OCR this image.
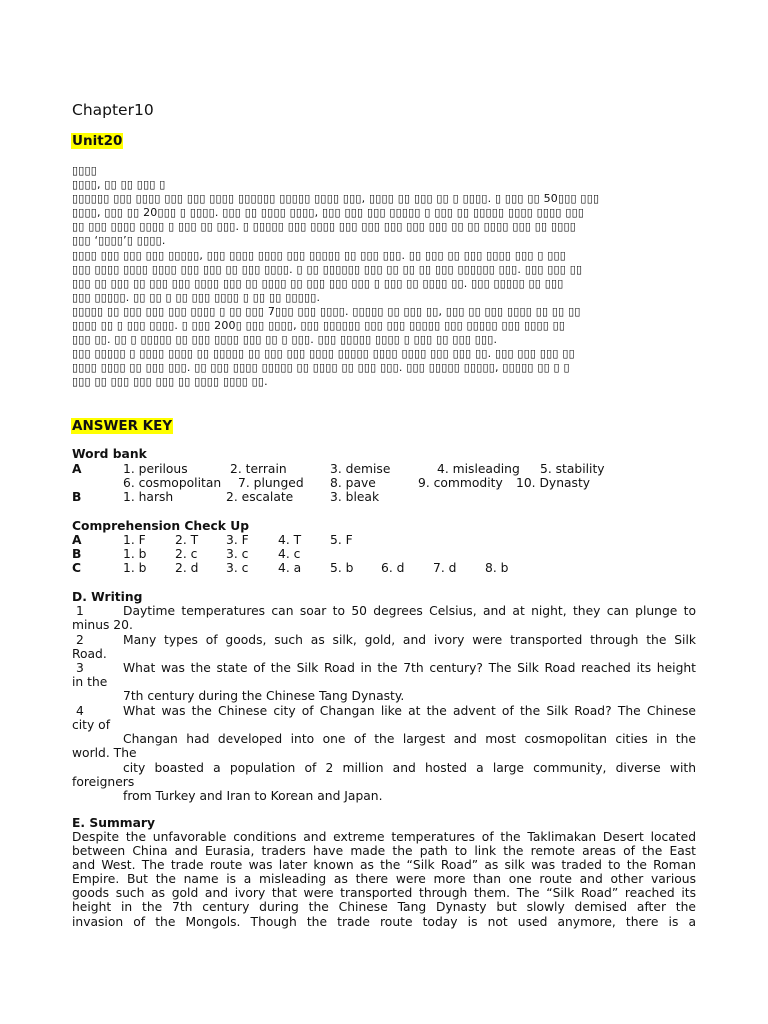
Chapter10
Unit20
▯▯▯▯
▯▯▯▯, ▯▯ ▯▯ ▯▯▯ ▯
▯▯▯▯▯▯ ▯▯▯ ▯▯▯▯ ▯▯▯ ▯▯▯ ▯▯▯▯ ▯▯▯▯▯▯ ▯▯▯▯▯ ▯▯▯▯ ▯▯▯, ▯▯▯▯ ▯▯ ▯▯▯ ▯▯ ▯ ▯▯▯▯. ▯ ▯▯▯ ▯▯ 50▯▯▯ ▯▯▯
▯▯▯▯, ▯▯▯ ▯▯ 20▯▯▯ ▯ ▯▯▯▯. ▯▯▯ ▯▯ ▯▯▯▯ ▯▯▯▯, ▯▯▯ ▯▯▯ ▯▯▯ ▯▯▯▯▯ ▯ ▯▯▯ ▯▯ ▯▯▯▯▯ ▯▯▯▯ ▯▯▯▯ ▯▯▯
▯▯ ▯▯▯ ▯▯▯▯ ▯▯▯▯ ▯ ▯▯▯ ▯▯ ▯▯▯. ▯ ▯▯▯▯▯ ▯▯▯ ▯▯▯▯ ▯▯▯ ▯▯▯ ▯▯▯ ▯▯▯ ▯▯▯ ▯▯ ▯▯ ▯▯▯▯ ▯▯▯ ▯▯ ▯▯▯▯
▯▯▯ ‘▯▯▯▯’▯ ▯▯▯▯.
▯▯▯▯ ▯▯▯ ▯▯▯ ▯▯▯ ▯▯▯▯▯, ▯▯▯ ▯▯▯▯ ▯▯▯▯ ▯▯▯ ▯▯▯▯▯ ▯▯ ▯▯▯ ▯▯▯. ▯▯ ▯▯▯ ▯▯ ▯▯▯ ▯▯▯▯ ▯▯▯ ▯ ▯▯▯
▯▯▯ ▯▯▯▯ ▯▯▯▯ ▯▯▯▯ ▯▯▯ ▯▯▯ ▯▯ ▯▯▯ ▯▯▯▯. ▯ ▯▯ ▯▯▯▯▯▯ ▯▯▯ ▯▯ ▯▯ ▯▯ ▯▯▯ ▯▯▯▯▯▯ ▯▯▯. ▯▯▯ ▯▯▯ ▯▯
▯▯▯ ▯▯ ▯▯▯ ▯▯ ▯▯▯ ▯▯▯ ▯▯▯▯ ▯▯▯ ▯▯ ▯▯▯▯ ▯▯ ▯▯▯ ▯▯▯ ▯▯▯ ▯ ▯▯▯ ▯▯ ▯▯▯▯ ▯▯. ▯▯▯ ▯▯▯▯▯ ▯▯ ▯▯▯
▯▯▯ ▯▯▯▯▯. ▯▯ ▯▯ ▯ ▯▯ ▯▯▯ ▯▯▯▯ ▯ ▯▯ ▯▯ ▯▯▯▯▯.
▯▯▯▯▯ ▯▯ ▯▯▯ ▯▯▯ ▯▯▯ ▯▯▯▯ ▯ ▯▯ ▯▯▯ 7▯▯▯ ▯▯▯ ▯▯▯▯. ▯▯▯▯▯ ▯▯ ▯▯▯ ▯▯, ▯▯▯ ▯▯ ▯▯▯ ▯▯▯▯ ▯▯ ▯▯ ▯▯
▯▯▯▯ ▯▯ ▯ ▯▯▯ ▯▯▯▯. ▯ ▯▯▯ 200▯ ▯▯▯ ▯▯▯▯, ▯▯▯ ▯▯▯▯▯▯ ▯▯▯ ▯▯▯ ▯▯▯▯▯ ▯▯▯ ▯▯▯▯▯ ▯▯▯ ▯▯▯▯ ▯▯
▯▯▯ ▯▯. ▯▯ ▯ ▯▯▯▯▯ ▯▯ ▯▯▯ ▯▯▯▯ ▯▯▯ ▯▯ ▯ ▯▯▯. ▯▯▯ ▯▯▯▯▯ ▯▯▯▯ ▯ ▯▯▯ ▯▯ ▯▯▯ ▯▯▯.
▯▯▯ ▯▯▯▯▯ ▯ ▯▯▯▯ ▯▯▯▯ ▯▯ ▯▯▯▯▯ ▯▯ ▯▯▯ ▯▯▯ ▯▯▯▯ ▯▯▯▯▯ ▯▯▯▯ ▯▯▯▯ ▯▯▯ ▯▯▯ ▯▯. ▯▯▯ ▯▯▯ ▯▯▯ ▯▯
▯▯▯▯ ▯▯▯▯ ▯▯ ▯▯▯ ▯▯▯. ▯▯ ▯▯▯ ▯▯▯▯ ▯▯▯▯▯ ▯▯ ▯▯▯▯ ▯▯ ▯▯▯ ▯▯▯. ▯▯▯ ▯▯▯▯▯ ▯▯▯▯▯, ▯▯▯▯▯ ▯▯ ▯ ▯
▯▯▯ ▯▯ ▯▯▯ ▯▯▯ ▯▯▯ ▯▯ ▯▯▯▯ ▯▯▯▯ ▯▯.
ANSWER KEY
Word bank
A	1. perilous	2. terrain	3. demise	4. misleading 5. stability
6. cosmopolitan 7. plunged 8. pave	9. commodity 10. Dynasty
B	1. harsh	2. escalate	3. bleak
Comprehension Check Up
A	1. F 2. T 3. F 4. T 5. F
B	1. b 2. c 3. c 4. c
C	1. b 2. d 3. c 4. a 5. b 6. d 7. d 8. b
D. Writing
1	Daytime temperatures can soar to 50 degrees Celsius, and at night, they can plunge to
minus 20.
2	Many types of goods, such as silk, gold, and ivory were transported through the Silk
Road.
3	What was the state of the Silk Road in the 7th century? The Silk Road reached its height
in the
7th century during the Chinese Tang Dynasty.
4	What was the Chinese city of Changan like at the advent of the Silk Road? The Chinese
city of
Changan had developed into one of the largest and most cosmopolitan cities in the
world. The
city boasted a population of 2 million and hosted a large community, diverse with
foreigners
from Turkey and Iran to Korean and Japan.
E. Summary
Despite the unfavorable conditions and extreme temperatures of the Taklimakan Desert located
between China and Eurasia, traders have made the path to link the remote areas of the East
and West. The trade route was later known as the “Silk Road” as silk was traded to the Roman
Empire. But the name is a misleading as there were more than one route and other various
goods such as gold and ivory that were transported through them. The “Silk Road” reached its
height in the 7th century during the Chinese Tang Dynasty but slowly demised after the
invasion of the Mongols. Though the trade route today is not used anymore, there is a
